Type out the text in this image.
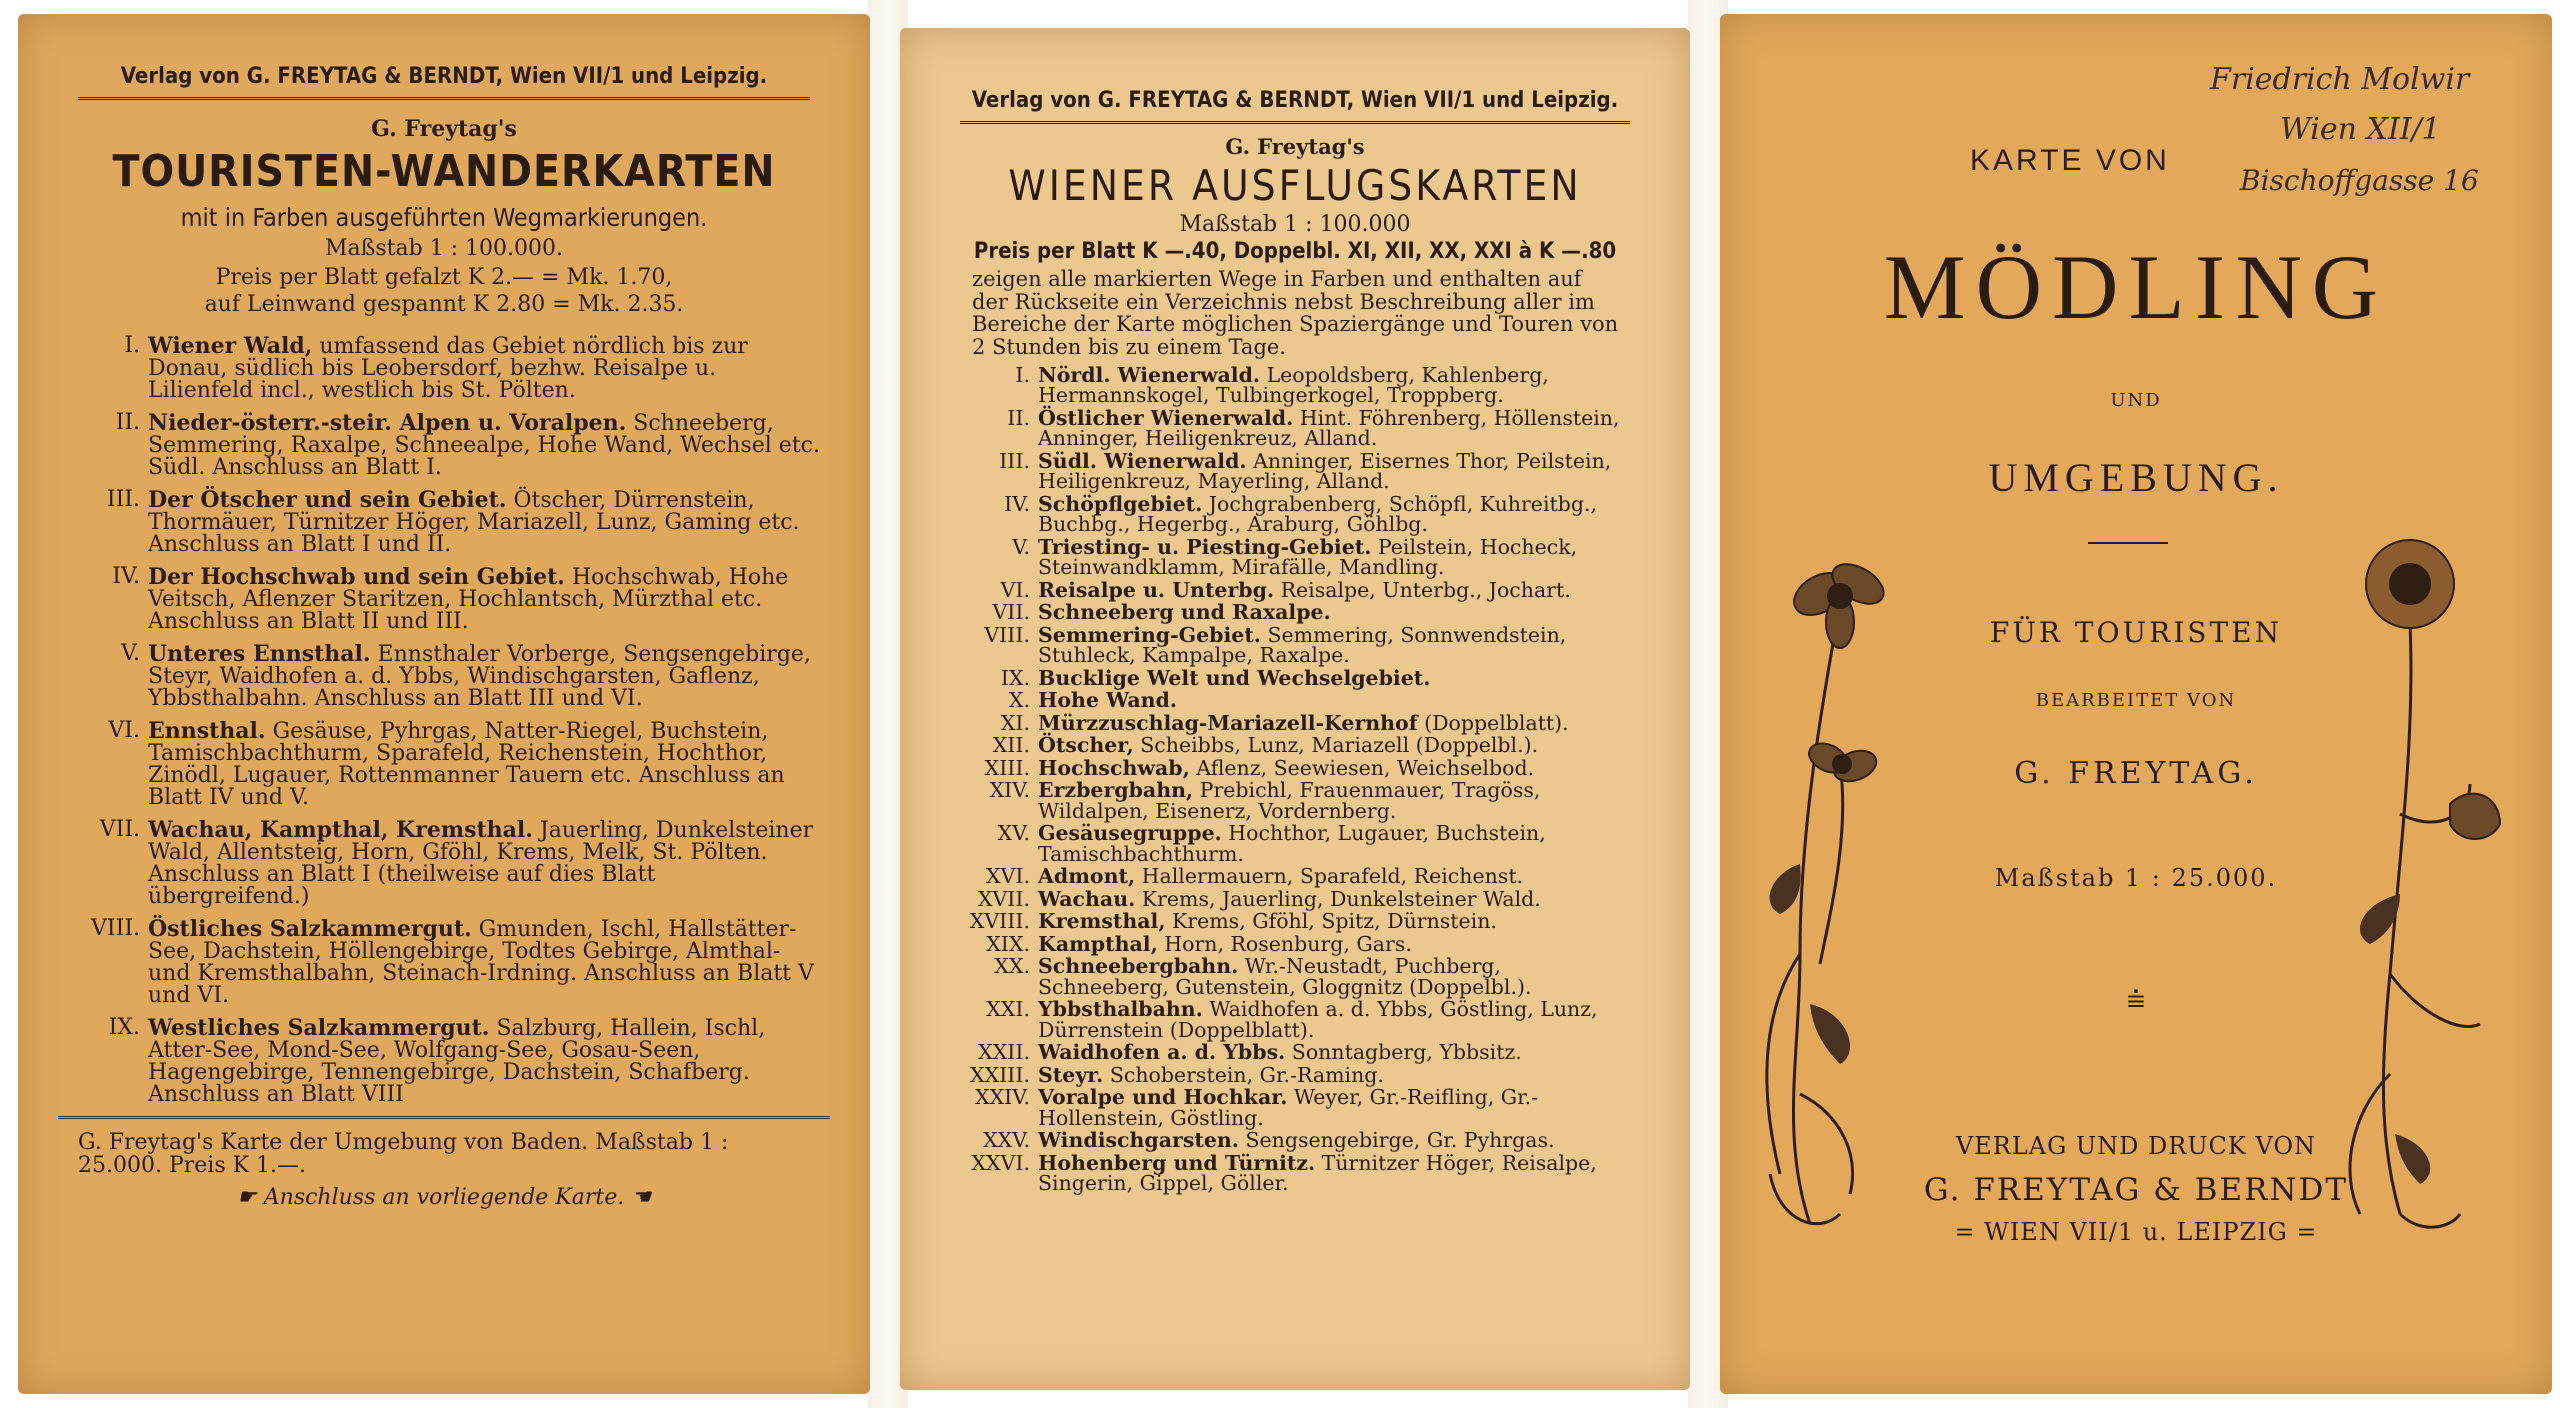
Verlag von G. FREYTAG & BERNDT, Wien VII/1 und Leipzig.
G. Freytag's
TOURISTEN-WANDERKARTEN
mit in Farben ausgeführten Wegmarkierungen.
Maßstab 1 : 100.000.
Preis per Blatt gefalzt K 2.— = Mk. 1.70,
auf Leinwand gespannt K 2.80 = Mk. 2.35.
I. Wiener Wald, umfassend das Gebiet nördlich bis zur Donau, südlich bis Leobersdorf, bezhw. Reisalpe u. Lilienfeld incl., westlich bis St. Pölten.
II. Nieder-österr.-steir. Alpen u. Voralpen. Schneeberg, Semmering, Raxalpe, Schneealpe, Hohe Wand, Wechsel etc. Südl. Anschluss an Blatt I.
III. Der Ötscher und sein Gebiet. Ötscher, Dürrenstein, Thormäuer, Türnitzer Höger, Mariazell, Lunz, Gaming etc. Anschluss an Blatt I und II.
IV. Der Hochschwab und sein Gebiet. Hochschwab, Hohe Veitsch, Aflenzer Staritzen, Hochlantsch, Mürzthal etc. Anschluss an Blatt II und III.
V. Unteres Ennsthal. Ennsthaler Vorberge, Sengsengebirge, Steyr, Waidhofen a. d. Ybbs, Windischgarsten, Gaflenz, Ybbsthalbahn. Anschluss an Blatt III und VI.
VI. Ennsthal. Gesäuse, Pyhrgas, Natter-Riegel, Buchstein, Tamischbachthurm, Sparafeld, Reichenstein, Hochthor, Zinödl, Lugauer, Rottenmanner Tauern etc. Anschluss an Blatt IV und V.
VII. Wachau, Kampthal, Kremsthal. Jauerling, Dunkelsteiner Wald, Allentsteig, Horn, Gföhl, Krems, Melk, St. Pölten. Anschluss an Blatt I (theilweise auf dies Blatt übergreifend.)
VIII. Östliches Salzkammergut. Gmunden, Ischl, Hallstätter-See, Dachstein, Höllengebirge, Todtes Gebirge, Almthal- und Kremsthalbahn, Steinach-Irdning. Anschluss an Blatt V und VI.
IX. Westliches Salzkammergut. Salzburg, Hallein, Ischl, Atter-See, Mond-See, Wolfgang-See, Gosau-Seen, Hagengebirge, Tennengebirge, Dachstein, Schafberg. Anschluss an Blatt VIII
G. Freytag's Karte der Umgebung von Baden. Maßstab 1 : 25.000. Preis K 1.—.
☛ Anschluss an vorliegende Karte. ☚
Verlag von G. FREYTAG & BERNDT, Wien VII/1 und Leipzig.
G. Freytag's
WIENER AUSFLUGSKARTEN
Maßstab 1 : 100.000
Preis per Blatt K —.40, Doppelbl. XI, XII, XX, XXI à K —.80
zeigen alle markierten Wege in Farben und enthalten auf der Rückseite ein Verzeichnis nebst Beschreibung aller im Bereiche der Karte möglichen Spaziergänge und Touren von 2 Stunden bis zu einem Tage.
I. Nördl. Wienerwald. Leopoldsberg, Kahlenberg, Hermannskogel, Tulbingerkogel, Troppberg.
II. Östlicher Wienerwald. Hint. Föhrenberg, Höllenstein, Anninger, Heiligenkreuz, Alland.
III. Südl. Wienerwald. Anninger, Eisernes Thor, Peilstein, Heiligenkreuz, Mayerling, Alland.
IV. Schöpflgebiet. Jochgrabenberg, Schöpfl, Kuhreitbg., Buchbg., Hegerbg., Araburg, Göhlbg.
V. Triesting- u. Piesting-Gebiet. Peilstein, Hocheck, Steinwandklamm, Mirafälle, Mandling.
VI. Reisalpe u. Unterbg. Reisalpe, Unterbg., Jochart.
VII. Schneeberg und Raxalpe.
VIII. Semmering-Gebiet. Semmering, Sonnwendstein, Stuhleck, Kampalpe, Raxalpe.
IX. Bucklige Welt und Wechselgebiet.
X. Hohe Wand.
XI. Mürzzuschlag-Mariazell-Kernhof (Doppelblatt).
XII. Ötscher, Scheibbs, Lunz, Mariazell (Doppelbl.).
XIII. Hochschwab, Aflenz, Seewiesen, Weichselbod.
XIV. Erzbergbahn, Prebichl, Frauenmauer, Tragöss, Wildalpen, Eisenerz, Vordernberg.
XV. Gesäusegruppe. Hochthor, Lugauer, Buchstein, Tamischbachthurm.
XVI. Admont, Hallermauern, Sparafeld, Reichenst.
XVII. Wachau. Krems, Jauerling, Dunkelsteiner Wald.
XVIII. Kremsthal, Krems, Gföhl, Spitz, Dürnstein.
XIX. Kampthal, Horn, Rosenburg, Gars.
XX. Schneebergbahn. Wr.-Neustadt, Puchberg, Schneeberg, Gutenstein, Gloggnitz (Doppelbl.).
XXI. Ybbsthalbahn. Waidhofen a. d. Ybbs, Göstling, Lunz, Dürrenstein (Doppelblatt).
XXII. Waidhofen a. d. Ybbs. Sonntagberg, Ybbsitz.
XXIII. Steyr. Schoberstein, Gr.-Raming.
XXIV. Voralpe und Hochkar. Weyer, Gr.-Reifling, Gr.-Hollenstein, Göstling.
XXV. Windischgarsten. Sengsengebirge, Gr. Pyhrgas.
XXVI. Hohenberg und Türnitz. Türnitzer Höger, Reisalpe, Singerin, Gippel, Göller.
Friedrich Molwir
Wien XII/1
Bischoffgasse 16
KARTE VON
MÖDLING
UND
UMGEBUNG.
FÜR TOURISTEN
BEARBEITET VON
G. FREYTAG.
Maßstab 1 : 25.000.
⩧
VERLAG UND DRUCK VON
G. FREYTAG & BERNDT
= WIEN VII/1 u. LEIPZIG =
